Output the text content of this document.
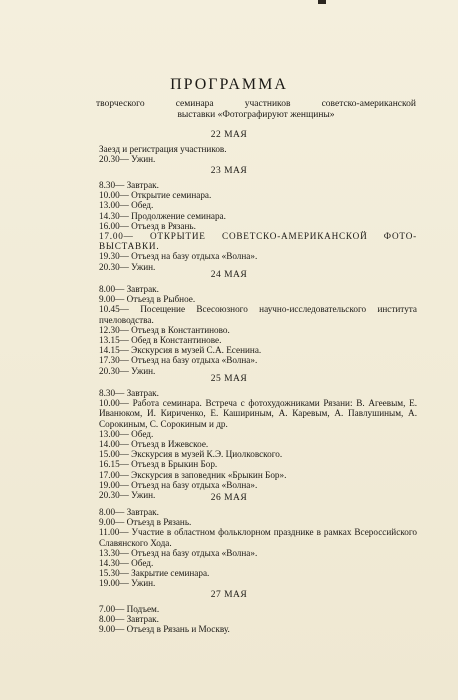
ПРОГРАММА
творческого	семинара	участников	советско-американской
выставки «Фотографируют женщины»
22 МАЯ
Заезд и регистрация участников.
20.30— Ужин.
23 МАЯ
8.30— Завтрак.
10.00— Открытие семинара.
13.00— Обед.
14.30— Продолжение семинара.
16.00— Отъезд в Рязань.
17.00— ОТКРЫТИЕ СОВЕТСКО-АМЕРИКАНСКОЙ ФОТО-ВЫСТАВКИ.
19.30— Отъезд на базу отдыха «Волна».
20.30— Ужин.
24 МАЯ
8.00— Завтрак.
9.00— Отъезд в Рыбное.
10.45— Посещение Всесоюзного научно-исследовательского института пчеловодства.
12.30— Отъезд в Константиново.
13.15— Обед в Константинове.
14.15— Экскурсия в музей С.А. Есенина.
17.30— Отъезд на базу отдыха «Волна».
20.30— Ужин.
25 МАЯ
8.30— Завтрак.
10.00— Работа семинара. Встреча с фотохудожниками Рязани: В. Агеевым, Е. Иванюком, И. Кириченко, Е. Кашириным, А. Каревым, А. Павлушиным, А. Сорокиным, С. Сорокиным и др.
13.00— Обед.
14.00— Отъезд в Ижевское.
15.00— Экскурсия в музей К.Э. Циолковского.
16.15— Отъезд в Брыкин Бор.
17.00— Экскурсия в заповедник «Брыкин Бор».
19.00— Отъезд на базу отдыха «Волна».
20.30— Ужин.	26 МАЯ
8.00— Завтрак.
9.00— Отъезд в Рязань.
11.00— Участие в областном фольклорном празднике в рамках Всероссийского Славянского Хода.
13.30— Отъезд на базу отдыха «Волна».
14.30— Обед.
15.30— Закрытие семинара.
19.00— Ужин.
27 МАЯ
7.00— Подъем.
8.00— Завтрак.
9.00— Отъезд в Рязань и Москву.
